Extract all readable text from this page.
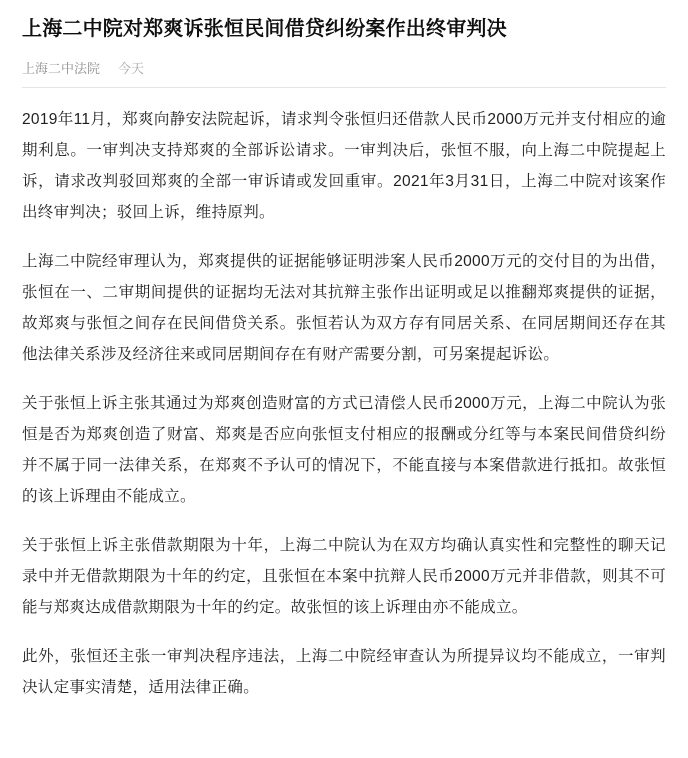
上海二中院对郑爽诉张恒民间借贷纠纷案作出终审判决
上海二中法院 今天

2019年11月，郑爽向静安法院起诉，请求判令张恒归还借款人民币2000万元并支付相应的逾期利息。一审判决支持郑爽的全部诉讼请求。一审判决后，张恒不服，向上海二中院提起上诉，请求改判驳回郑爽的全部一审诉请或发回重审。2021年3月31日，上海二中院对该案作出终审判决；驳回上诉，维持原判。

上海二中院经审理认为，郑爽提供的证据能够证明涉案人民币2000万元的交付目的为出借，张恒在一、二审期间提供的证据均无法对其抗辩主张作出证明或足以推翻郑爽提供的证据，故郑爽与张恒之间存在民间借贷关系。张恒若认为双方存有同居关系、在同居期间还存在其他法律关系涉及经济往来或同居期间存在有财产需要分割，可另案提起诉讼。

关于张恒上诉主张其通过为郑爽创造财富的方式已清偿人民币2000万元，上海二中院认为张恒是否为郑爽创造了财富、郑爽是否应向张恒支付相应的报酬或分红等与本案民间借贷纠纷并不属于同一法律关系，在郑爽不予认可的情况下，不能直接与本案借款进行抵扣。故张恒的该上诉理由不能成立。

关于张恒上诉主张借款期限为十年，上海二中院认为在双方均确认真实性和完整性的聊天记录中并无借款期限为十年的约定，且张恒在本案中抗辩人民币2000万元并非借款，则其不可能与郑爽达成借款期限为十年的约定。故张恒的该上诉理由亦不能成立。

此外，张恒还主张一审判决程序违法，上海二中院经审查认为所提异议均不能成立，一审判决认定事实清楚，适用法律正确。
